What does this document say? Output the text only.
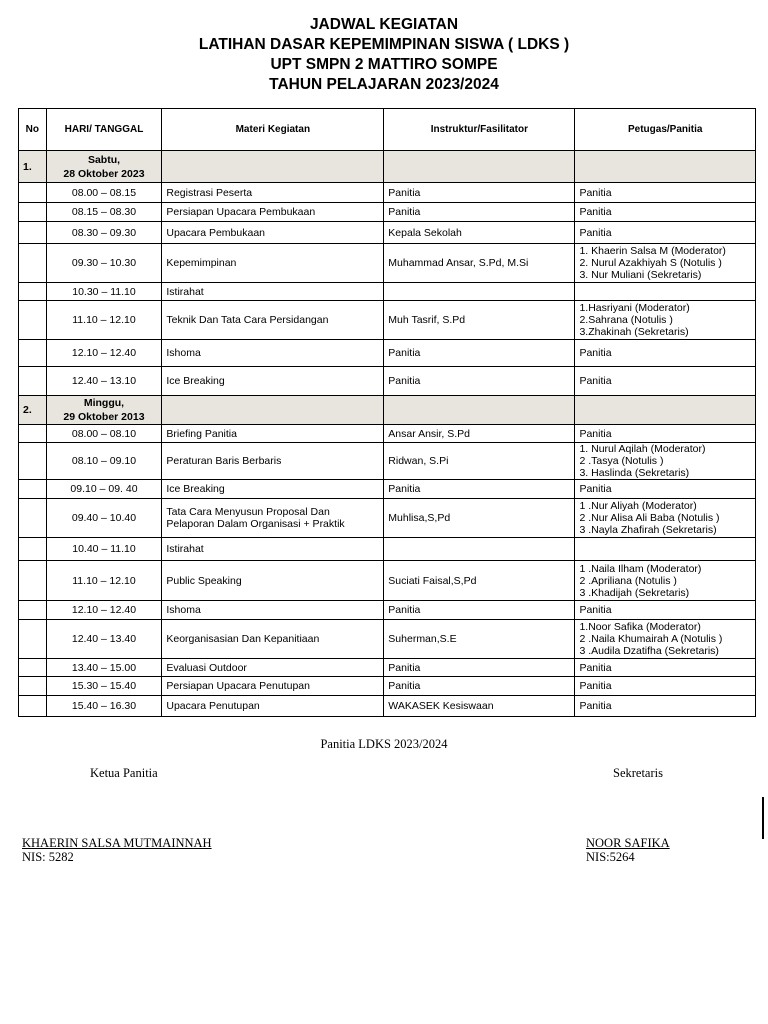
JADWAL KEGIATAN
LATIHAN DASAR KEPEMIMPINAN SISWA ( LDKS )
UPT SMPN 2 MATTIRO SOMPE
TAHUN PELAJARAN 2023/2024
No	HARI/ TANGGAL	Materi Kegiatan	Instruktur/Fasilitator	Petugas/Panitia
1.	Sabtu,
28 Oktober 2023			

	08.00 – 08.15	Registrasi Peserta	Panitia	Panitia

	08.15 – 08.30	Persiapan Upacara Pembukaan	Panitia	Panitia

	08.30 – 09.30	Upacara Pembukaan	Kepala Sekolah	Panitia

	09.30 – 10.30	Kepemimpinan	Muhammad Ansar, S.Pd, M.Si	1. Khaerin Salsa M (Moderator)
2. Nurul Azakhiyah S (Notulis )
3. Nur Muliani (Sekretaris)

	10.30 – 11.10	Istirahat		
	11.10 – 12.10	Teknik Dan Tata Cara Persidangan	Muh Tasrif, S.Pd	1.Hasriyani (Moderator)
2.Sahrana (Notulis )
3.Zhakinah (Sekretaris)

	12.10 – 12.40	Ishoma	Panitia	Panitia

	12.40 – 13.10	Ice Breaking	Panitia	Panitia

2.	Minggu,
29 Oktober 2013			

	08.00 – 08.10	Briefing Panitia	Ansar Ansir, S.Pd	Panitia

	08.10 – 09.10	Peraturan Baris Berbaris	Ridwan, S.Pi	1. Nurul Aqilah (Moderator)
2 .Tasya (Notulis )
3. Haslinda (Sekretaris)

	09.10 – 09. 40	Ice Breaking	Panitia	Panitia

	09.40 – 10.40	Tata Cara Menyusun Proposal Dan Pelaporan Dalam Organisasi + Praktik	Muhlisa,S,Pd	1 .Nur Aliyah (Moderator)
2 .Nur Alisa Ali Baba (Notulis )
3 .Nayla Zhafirah (Sekretaris)

	10.40 – 11.10	Istirahat		
	11.10 – 12.10	Public Speaking	Suciati Faisal,S,Pd	1 .Naila Ilham (Moderator)
2 .Apriliana (Notulis )
3 .Khadijah (Sekretaris)

	12.10 – 12.40	Ishoma	Panitia	Panitia

	12.40 – 13.40	Keorganisasian Dan Kepanitiaan	Suherman,S.E	1.Noor Safika (Moderator)
2 .Naila Khumairah A (Notulis )
3 .Audila Dzatifha (Sekretaris)

	13.40 – 15.00	Evaluasi Outdoor	Panitia	Panitia

	15.30 – 15.40	Persiapan Upacara Penutupan	Panitia	Panitia

	15.40 – 16.30	Upacara Penutupan	WAKASEK Kesiswaan	Panitia
Panitia LDKS 2023/2024
Ketua Panitia	Sekretaris
KHAERIN SALSA MUTMAINNAH
NIS: 5282
NOOR SAFIKA
NIS:5264
